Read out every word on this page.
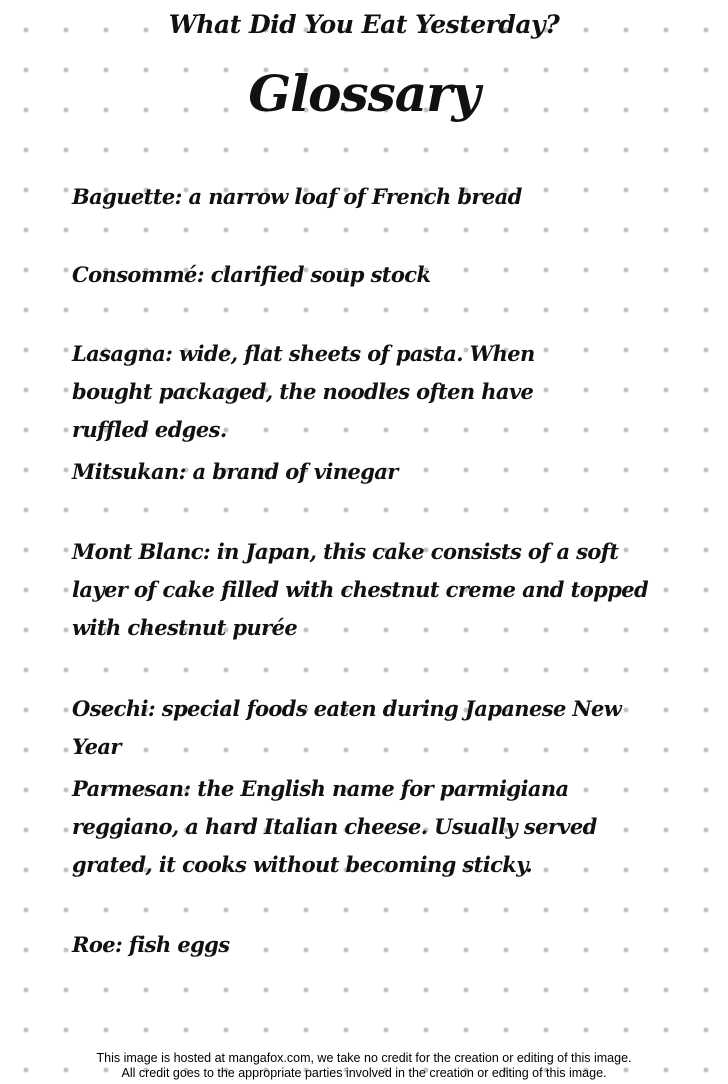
What Did You Eat Yesterday?
Glossary
Baguette : a narrow loaf of French bread
Consommé : clarified soup stock
Lasagna : wide, flat sheets of pasta. When bought packaged, the noodles often have ruffled edges.
Mitsukan : a brand of vinegar
Mont Blanc : in Japan, this cake consists of a soft layer of cake filled with chestnut creme and topped with chestnut purée
Osechi : special foods eaten during Japanese New Year
Parmesan : the English name for parmigiana reggiano, a hard Italian cheese. Usually served grated, it cooks without becoming sticky.
Roe : fish eggs
This image is hosted at mangafox.com, we take no credit for the creation or editing of this image.
All credit goes to the appropriate parties involved in the creation or editing of this image.
